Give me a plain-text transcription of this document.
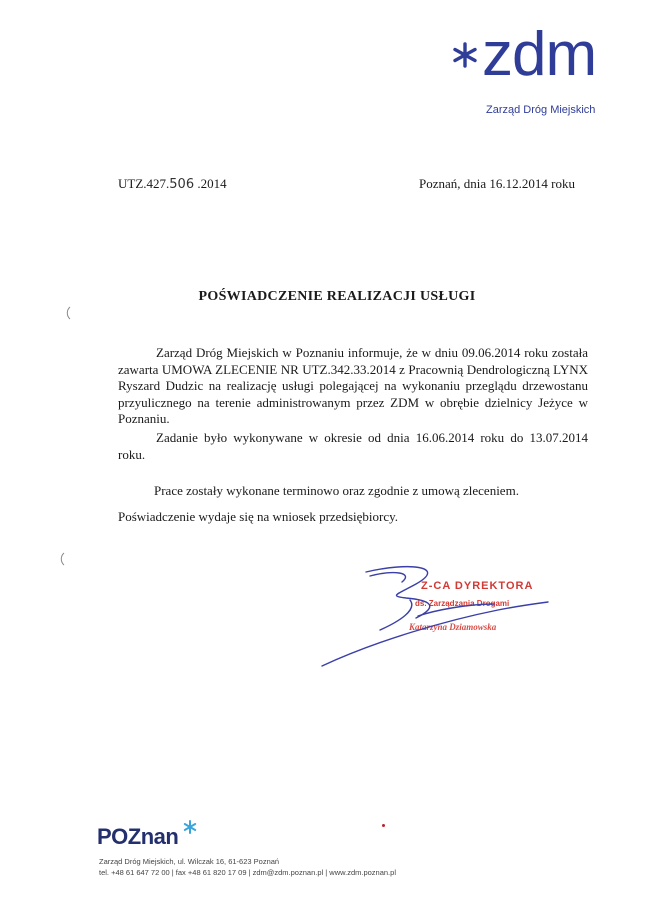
zdm
Zarząd Dróg Miejskich
UTZ.427.506 .2014	Poznań, dnia 16.12.2014 roku
POŚWIADCZENIE REALIZACJI USŁUGI
Zarząd Dróg Miejskich w Poznaniu informuje, że w dniu 09.06.2014 roku została zawarta UMOWA ZLECENIE NR UTZ.342.33.2014 z Pracownią Dendrologiczną LYNX Ryszard Dudzic na realizację usługi polegającej na wykonaniu przeglądu drzewostanu przyulicznego na terenie administrowanym przez ZDM w obrębie dzielnicy Jeżyce w Poznaniu.
Zadanie było wykonywane w okresie od dnia 16.06.2014 roku do 13.07.2014 roku.
Prace zostały wykonane terminowo oraz zgodnie z umową zleceniem.
Poświadczenie wydaje się na wniosek przedsiębiorcy.
Z-CA DYREKTORA
ds. Zarządzania Drogami
Katarzyna Dziamowska
POZnan
Zarząd Dróg Miejskich, ul. Wilczak 16, 61-623 Poznań
tel. +48 61 647 72 00 | fax +48 61 820 17 09 | zdm@zdm.poznan.pl | www.zdm.poznan.pl
